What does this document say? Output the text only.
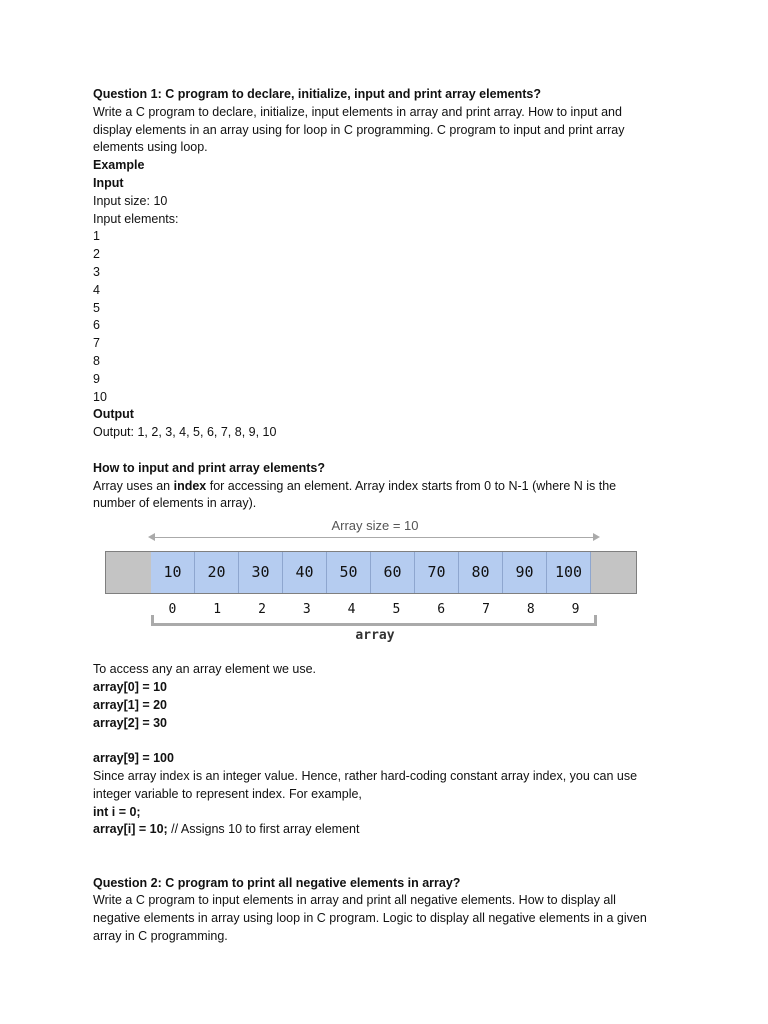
Question 1: C program to declare, initialize, input and print array elements?
Write a C program to declare, initialize, input elements in array and print array. How to input and
display elements in an array using for loop in C programming. C program to input and print array
elements using loop.
Example
Input
Input size: 10
Input elements:
1
2
3
4
5
6
7
8
9
10
Output
Output: 1, 2, 3, 4, 5, 6, 7, 8, 9, 10
How to input and print array elements?
Array uses an index for accessing an element. Array index starts from 0 to N-1 (where N is the
number of elements in array).
Array size = 10
10	20	30	40	50	60	70	80	90	100
0	1	2	3	4	5	6	7	8	9
array
To access any an array element we use.
array[0] = 10
array[1] = 20
array[2] = 30
array[9] = 100
Since array index is an integer value. Hence, rather hard-coding constant array index, you can use
integer variable to represent index. For example,
int i = 0;
array[i] = 10; // Assigns 10 to first array element
Question 2: C program to print all negative elements in array?
Write a C program to input elements in array and print all negative elements. How to display all
negative elements in array using loop in C program. Logic to display all negative elements in a given
array in C programming.
